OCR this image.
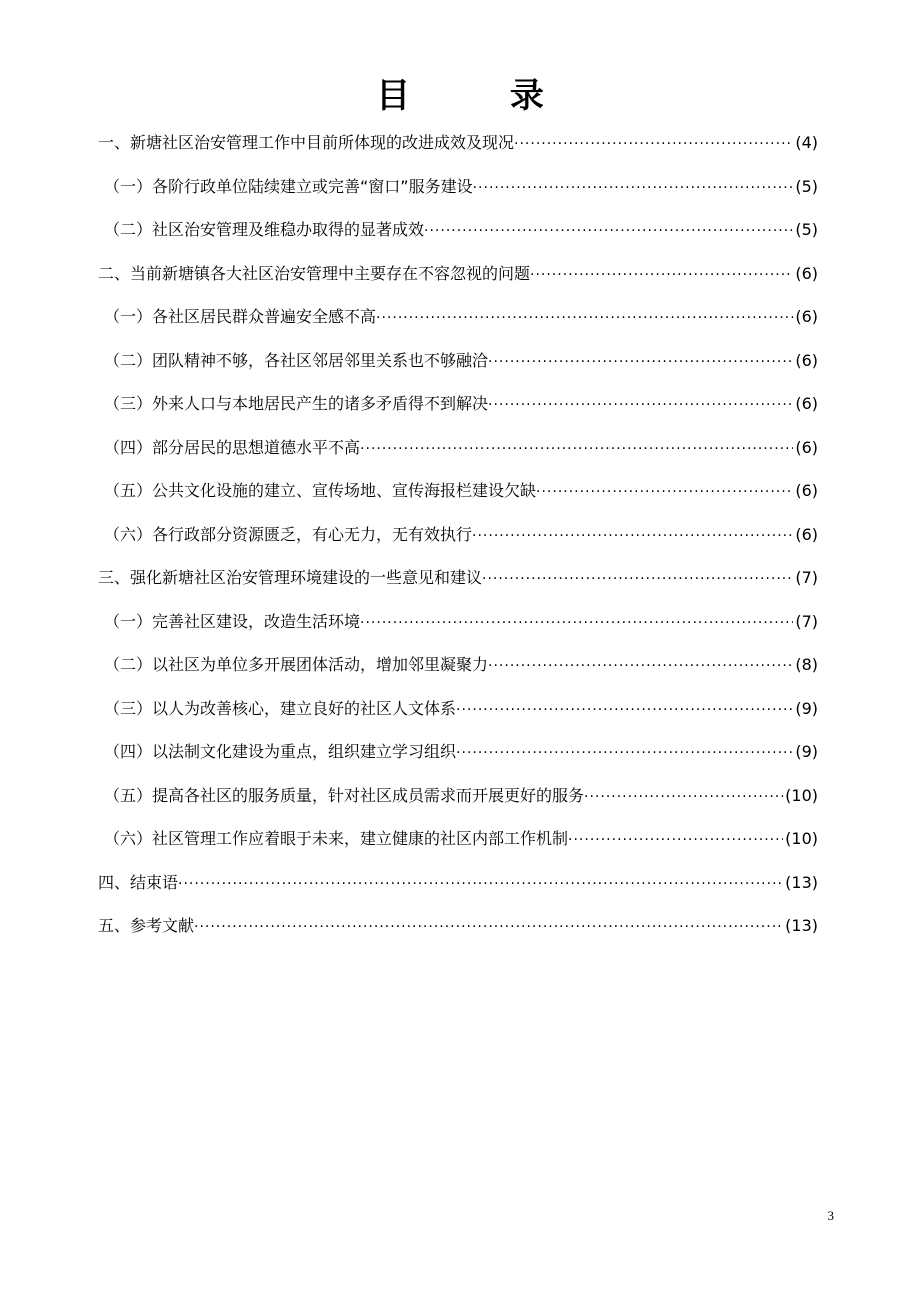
目 录
一、新塘社区治安管理工作中目前所体现的改进成效及现况 ·····	(4)
（一）各阶行政单位陆续建立或完善“窗口”服务建设 ·····	(5)
（二）社区治安管理及维稳办取得的显著成效 ·····	(5)
二、当前新塘镇各大社区治安管理中主要存在不容忽视的问题 ·····	(6)
（一）各社区居民群众普遍安全感不高 ·····	(6)
（二）团队精神不够，各社区邻居邻里关系也不够融洽 ·····	(6)
（三）外来人口与本地居民产生的诸多矛盾得不到解决 ·····	(6)
（四）部分居民的思想道德水平不高 ·····	(6)
（五）公共文化设施的建立、宣传场地、宣传海报栏建设欠缺 ·····	(6)
（六）各行政部分资源匮乏，有心无力，无有效执行 ·····	(6)
三、强化新塘社区治安管理环境建设的一些意见和建议 ·····	(7)
（一）完善社区建设，改造生活环境 ·····	(7)
（二）以社区为单位多开展团体活动，增加邻里凝聚力 ·····	(8)
（三）以人为改善核心，建立良好的社区人文体系 ·····	(9)
（四）以法制文化建设为重点，组织建立学习组织 ·····	(9)
（五）提高各社区的服务质量，针对社区成员需求而开展更好的服务 ·····	(10)
（六）社区管理工作应着眼于未来，建立健康的社区内部工作机制 ·····	(10)
四、结束语 ·····	(13)
五、参考文献 ·····	(13)
3
